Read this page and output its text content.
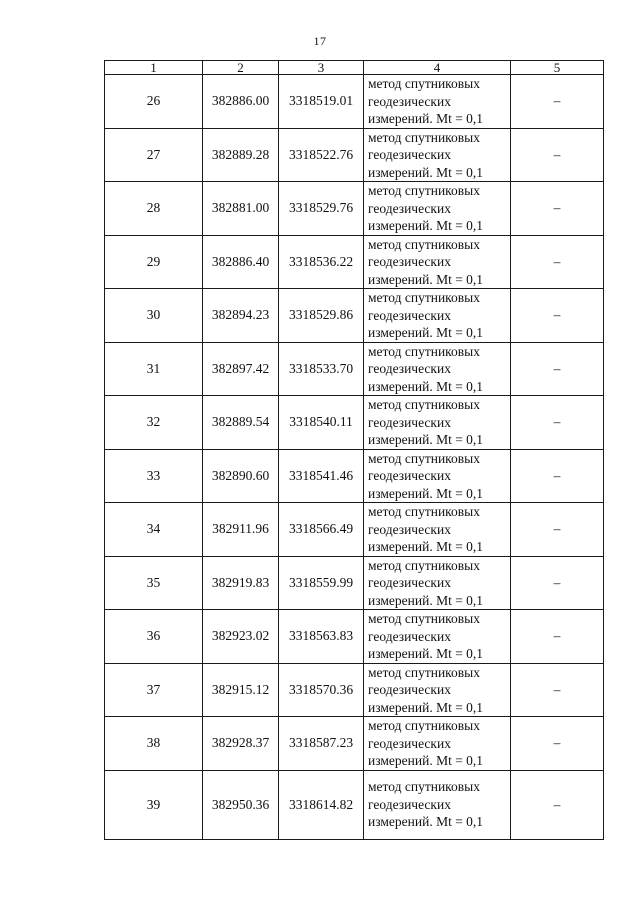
17
1	2	3	4	5
26	382886.00	3318519.01	метод спутниковых
геодезических
измерений. Mt = 0,1	–
27	382889.28	3318522.76	метод спутниковых
геодезических
измерений. Mt = 0,1	–
28	382881.00	3318529.76	метод спутниковых
геодезических
измерений. Mt = 0,1	–
29	382886.40	3318536.22	метод спутниковых
геодезических
измерений. Mt = 0,1	–
30	382894.23	3318529.86	метод спутниковых
геодезических
измерений. Mt = 0,1	–
31	382897.42	3318533.70	метод спутниковых
геодезических
измерений. Mt = 0,1	–
32	382889.54	3318540.11	метод спутниковых
геодезических
измерений. Mt = 0,1	–
33	382890.60	3318541.46	метод спутниковых
геодезических
измерений. Mt = 0,1	–
34	382911.96	3318566.49	метод спутниковых
геодезических
измерений. Mt = 0,1	–
35	382919.83	3318559.99	метод спутниковых
геодезических
измерений. Mt = 0,1	–
36	382923.02	3318563.83	метод спутниковых
геодезических
измерений. Mt = 0,1	–
37	382915.12	3318570.36	метод спутниковых
геодезических
измерений. Mt = 0,1	–
38	382928.37	3318587.23	метод спутниковых
геодезических
измерений. Mt = 0,1	–
39	382950.36	3318614.82	метод спутниковых
геодезических
измерений. Mt = 0,1	–
